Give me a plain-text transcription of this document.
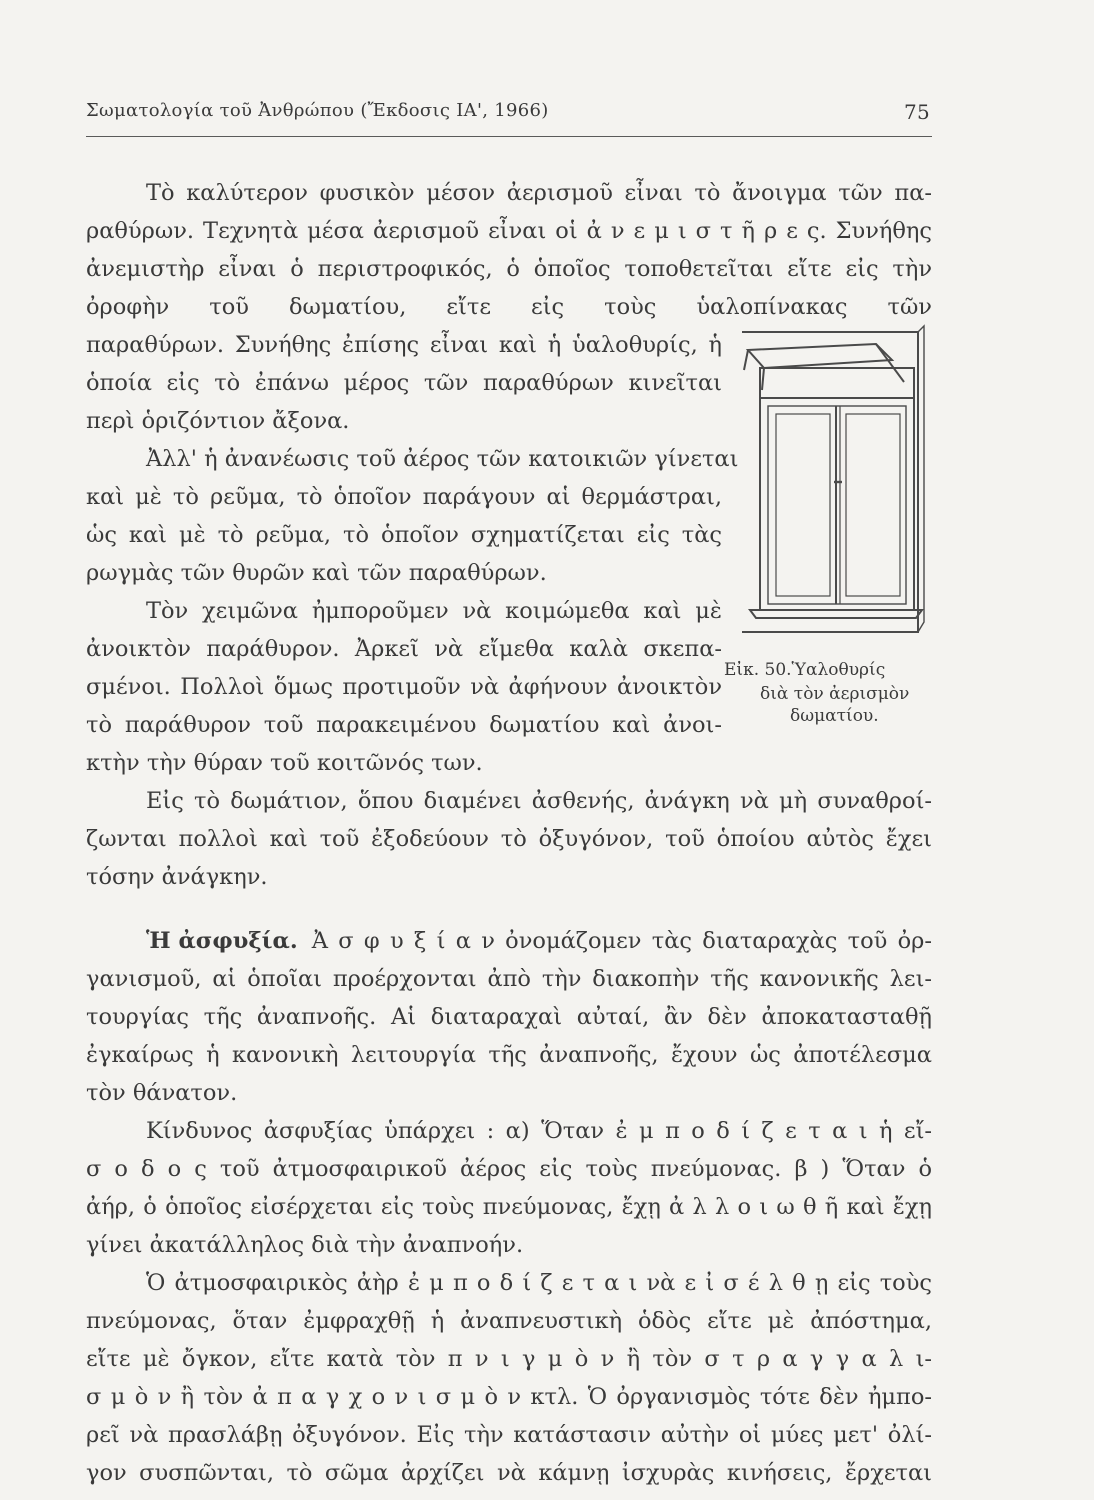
Σωματολογία τοῦ Ἀνθρώπου (Ἔκδοσις ΙΑ', 1966)	75
Τὸ καλύτερον φυσικὸν μέσον ἀερισμοῦ εἶναι τὸ ἄνοιγμα τῶν πα-
ραθύρων. Τεχνητὰ μέσα ἀερισμοῦ εἶναι οἱ ἀ ν ε μ ι σ τ ῆ ρ ε ς. Συνήθης
ἀνεμιστὴρ εἶναι ὁ περιστροφικός, ὁ ὁποῖος τοποθετεῖται εἴτε εἰς τὴν
ὀροφὴν τοῦ δωματίου, εἴτε εἰς τοὺς ὑαλοπίνακας τῶν
παραθύρων. Συνήθης ἐπίσης εἶναι καὶ ἡ ὑαλοθυρίς, ἡ
ὁποία εἰς τὸ ἐπάνω μέρος τῶν παραθύρων κινεῖται
περὶ ὁριζόντιον ἄξονα.
Ἀλλ' ἡ ἀνανέωσις τοῦ ἀέρος τῶν κατοικιῶν γίνεται
καὶ μὲ τὸ ρεῦμα, τὸ ὁποῖον παράγουν αἱ θερμάστραι,
ὡς καὶ μὲ τὸ ρεῦμα, τὸ ὁποῖον σχηματίζεται εἰς τὰς
ρωγμὰς τῶν θυρῶν καὶ τῶν παραθύρων.
Τὸν χειμῶνα ἠμποροῦμεν νὰ κοιμώμεθα καὶ μὲ
ἀνοικτὸν παράθυρον. Ἀρκεῖ νὰ εἴμεθα καλὰ σκεπα-
σμένοι. Πολλοὶ ὅμως προτιμοῦν νὰ ἀφήνουν ἀνοικτὸν
τὸ παράθυρον τοῦ παρακειμένου δωματίου καὶ ἀνοι-
κτὴν τὴν θύραν τοῦ κοιτῶνός των.
Εἰς τὸ δωμάτιον, ὅπου διαμένει ἀσθενής, ἀνάγκη νὰ μὴ συναθροί-
ζωνται πολλοὶ καὶ τοῦ ἐξοδεύουν τὸ ὀξυγόνον, τοῦ ὁποίου αὐτὸς ἔχει
τόσην ἀνάγκην.
Ἡ ἀσφυξία. Ἀ σ φ υ ξ ί α ν ὀνομάζομεν τὰς διαταραχὰς τοῦ ὀρ-
γανισμοῦ, αἱ ὁποῖαι προέρχονται ἀπὸ τὴν διακοπὴν τῆς κανονικῆς λει-
τουργίας τῆς ἀναπνοῆς. Αἱ διαταραχαὶ αὐταί, ἂν δὲν ἀποκατασταθῇ
ἐγκαίρως ἡ κανονικὴ λειτουργία τῆς ἀναπνοῆς, ἔχουν ὡς ἀποτέλεσμα
τὸν θάνατον.
Κίνδυνος ἀσφυξίας ὑπάρχει : α) Ὅταν ἐ μ π ο δ ί ζ ε τ α ι ἡ εἴ-
σ ο δ ο ς τοῦ ἀτμοσφαιρικοῦ ἀέρος εἰς τοὺς πνεύμονας. β ) Ὅταν ὁ
ἀήρ, ὁ ὁποῖος εἰσέρχεται εἰς τοὺς πνεύμονας, ἔχῃ ἀ λ λ ο ι ω θ ῆ καὶ ἔχῃ
γίνει ἀκατάλληλος διὰ τὴν ἀναπνοήν.
Ὁ ἀτμοσφαιρικὸς ἀὴρ ἐ μ π ο δ ί ζ ε τ α ι νὰ ε ἰ σ έ λ θ ῃ εἰς τοὺς
πνεύμονας, ὅταν ἐμφραχθῇ ἡ ἀναπνευστικὴ ὁδὸς εἴτε μὲ ἀπόστημα,
εἴτε μὲ ὄγκον, εἴτε κατὰ τὸν π ν ι γ μ ὸ ν ἢ τὸν σ τ ρ α γ γ α λ ι-
σ μ ὸ ν ἢ τὸν ἀ π α γ χ ο ν ι σ μ ὸ ν κτλ. Ὁ ὀργανισμὸς τότε δὲν ἠμπο-
ρεῖ νὰ πρασλάβῃ ὀξυγόνον. Εἰς τὴν κατάστασιν αὐτὴν οἱ μύες μετ' ὀλί-
γον συσπῶνται, τὸ σῶμα ἀρχίζει νὰ κάμνῃ ἰσχυρὰς κινήσεις, ἔρχεται
Εἰκ. 50.Ὑαλοθυρίς
διὰ τὸν ἀερισμὸν
δωματίου.
